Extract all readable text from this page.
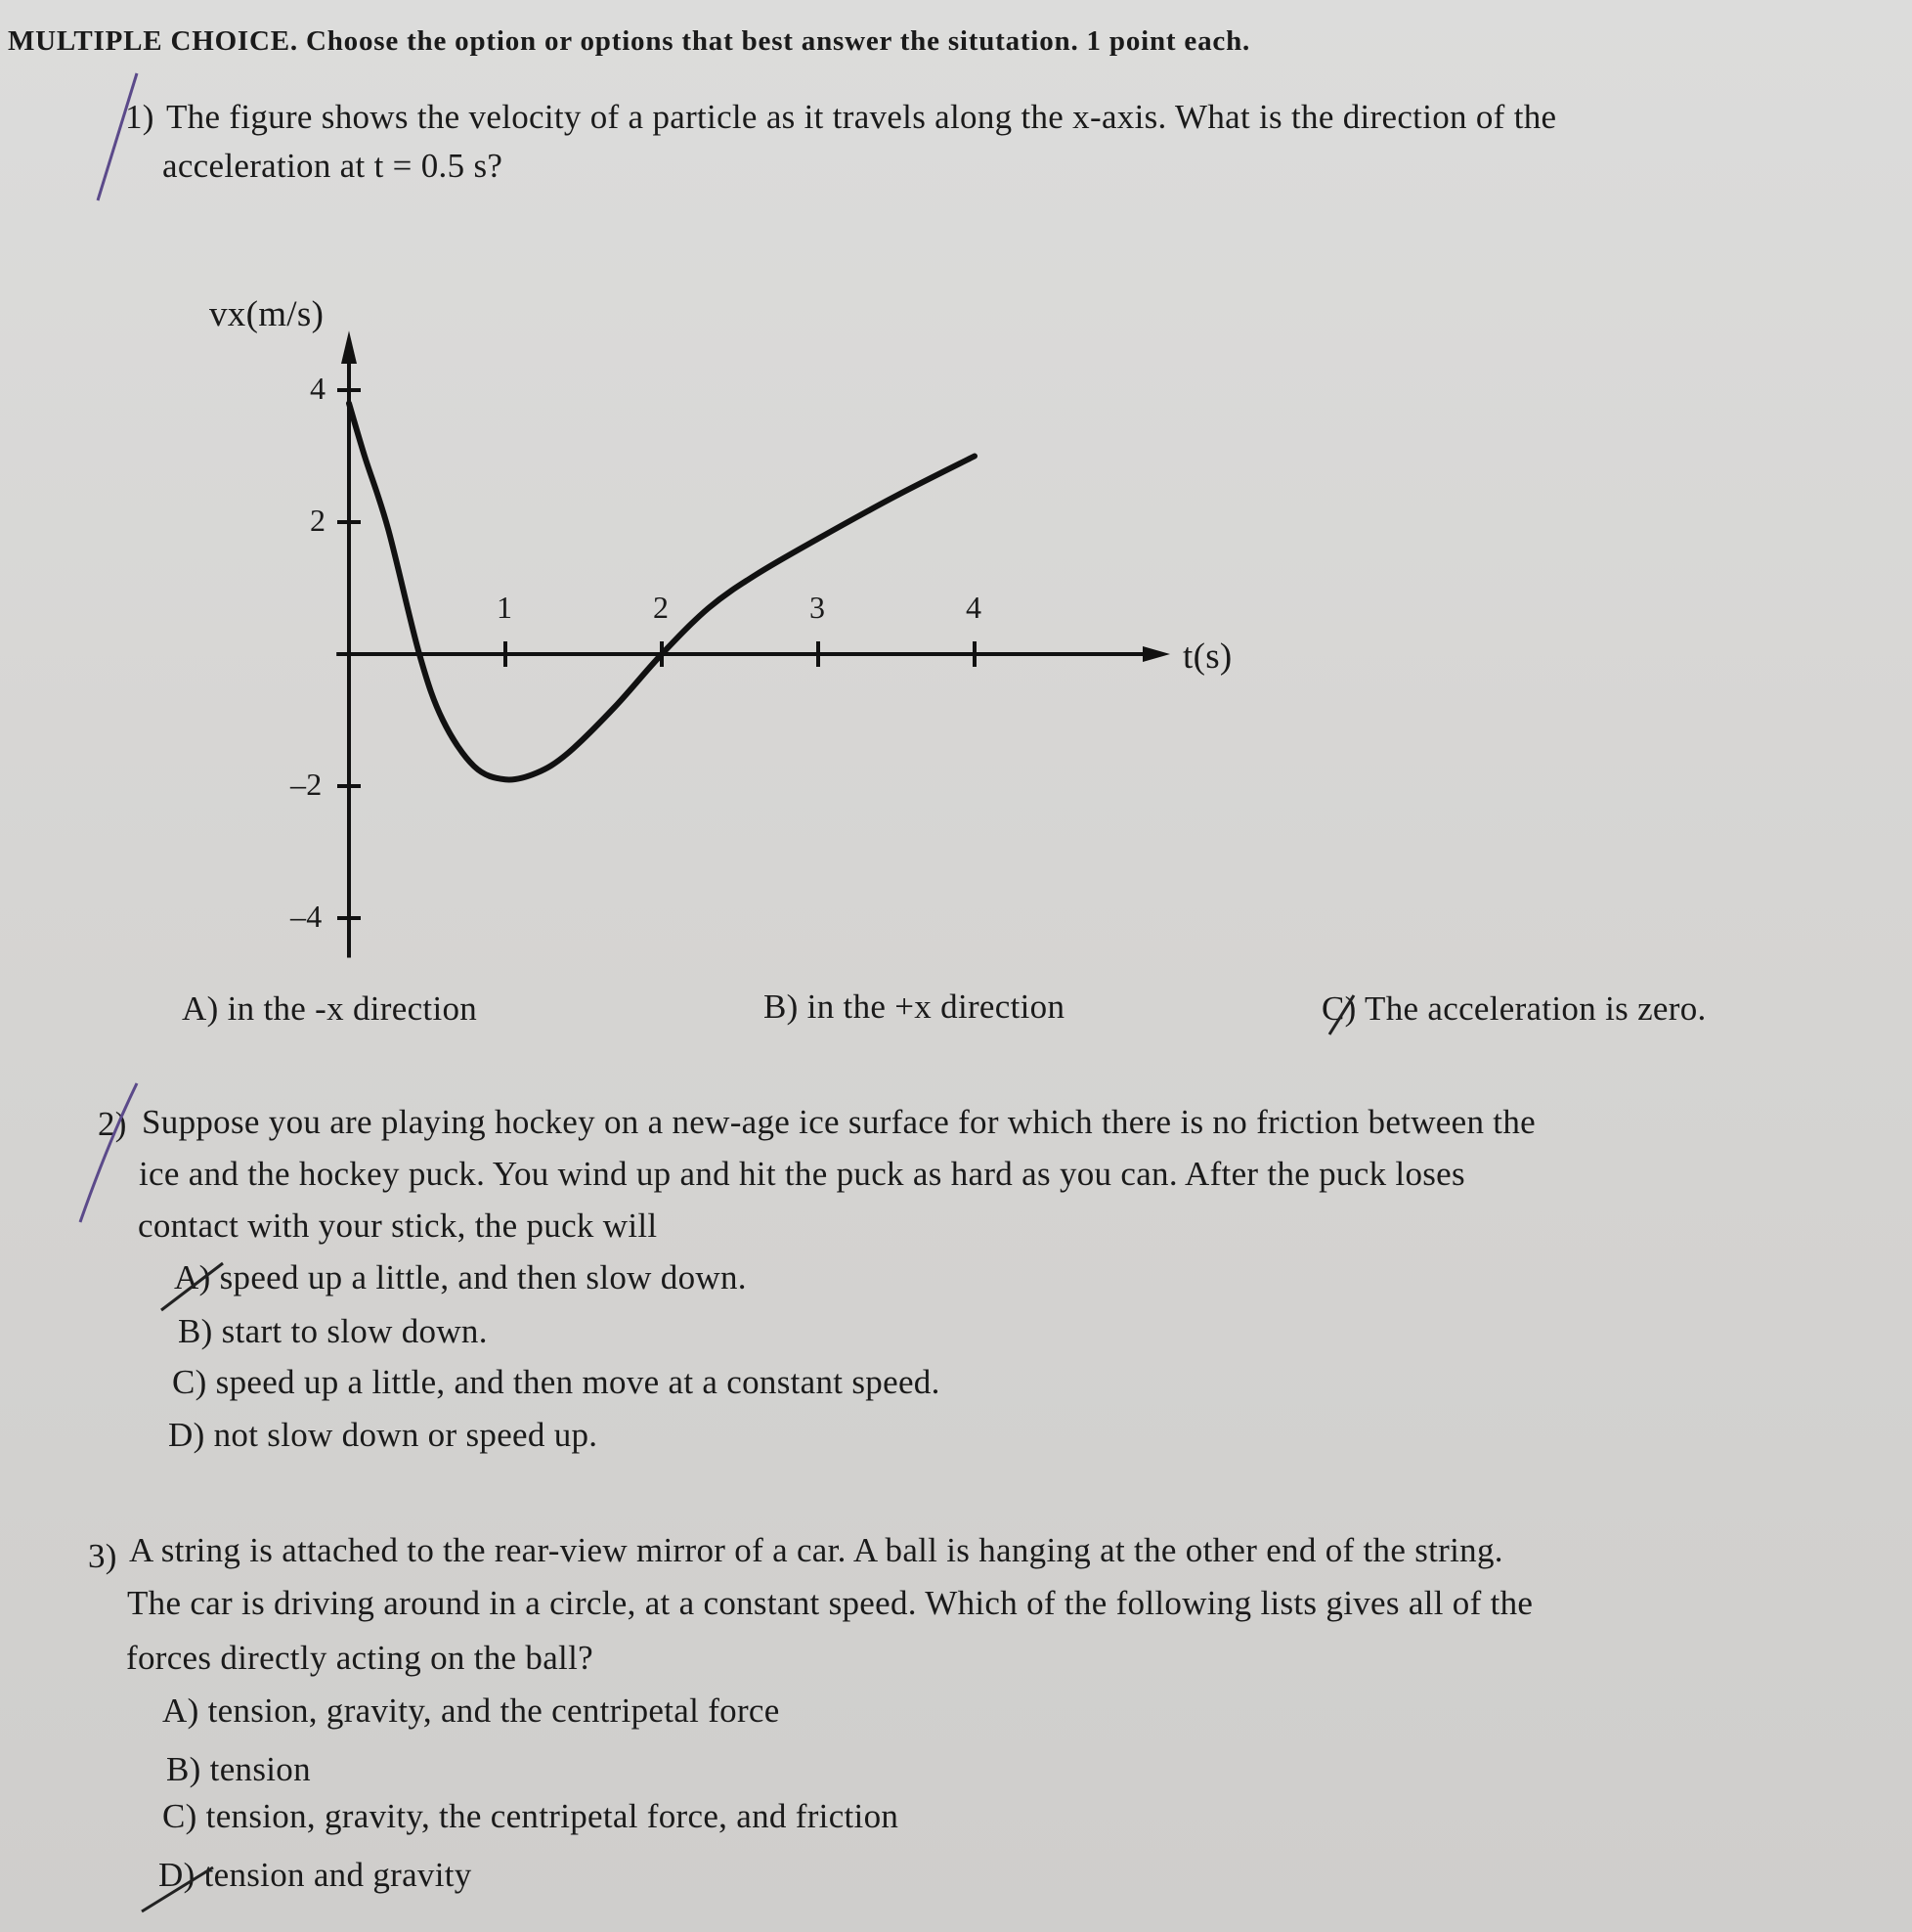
MULTIPLE CHOICE. Choose the option or options that best answer the situtation. 1 point each.
1) The figure shows the velocity of a particle as it travels along the x-axis. What is the direction of the
acceleration at t = 0.5 s?
vx(m/s)
t(s)
1	2	3	4
4
2
–2
–4
A) in the -x direction	B) in the +x direction	C) The acceleration is zero.
2) Suppose you are playing hockey on a new-age ice surface for which there is no friction between the
ice and the hockey puck. You wind up and hit the puck as hard as you can. After the puck loses
contact with your stick, the puck will
A) speed up a little, and then slow down.
B) start to slow down.
C) speed up a little, and then move at a constant speed.
D) not slow down or speed up.
3) A string is attached to the rear-view mirror of a car. A ball is hanging at the other end of the string.
The car is driving around in a circle, at a constant speed. Which of the following lists gives all of the
forces directly acting on the ball?
A) tension, gravity, and the centripetal force
B) tension
C) tension, gravity, the centripetal force, and friction
D) tension and gravity
